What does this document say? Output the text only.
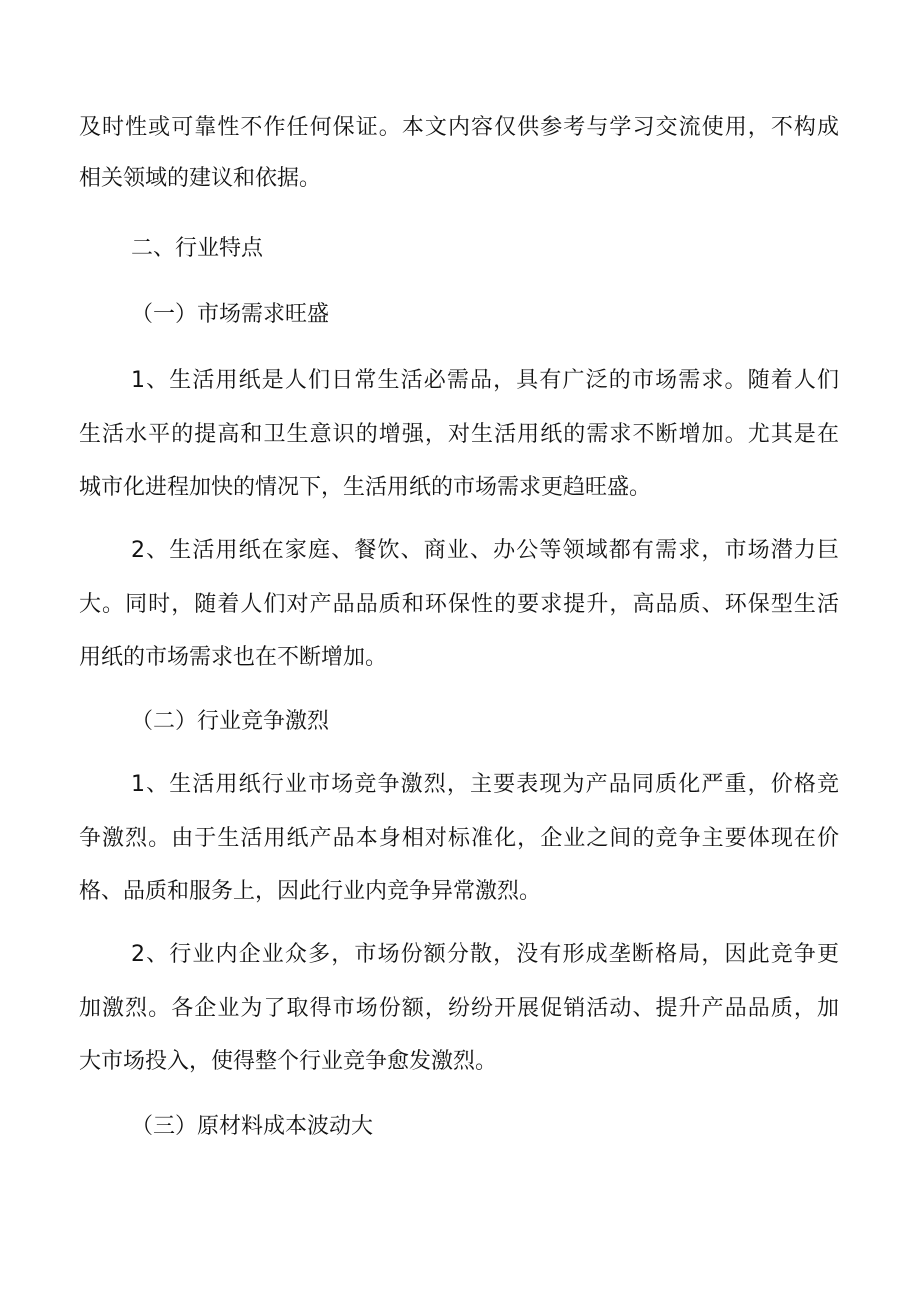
及时性或可靠性不作任何保证。本文内容仅供参考与学习交流使用，不构成
相关领域的建议和依据。
二、行业特点
（一）市场需求旺盛
1、生活用纸是人们日常生活必需品，具有广泛的市场需求。随着人们
生活水平的提高和卫生意识的增强，对生活用纸的需求不断增加。尤其是在
城市化进程加快的情况下，生活用纸的市场需求更趋旺盛。
2、生活用纸在家庭、餐饮、商业、办公等领域都有需求，市场潜力巨
大。同时，随着人们对产品品质和环保性的要求提升，高品质、环保型生活
用纸的市场需求也在不断增加。
（二）行业竞争激烈
1、生活用纸行业市场竞争激烈，主要表现为产品同质化严重，价格竞
争激烈。由于生活用纸产品本身相对标准化，企业之间的竞争主要体现在价
格、品质和服务上，因此行业内竞争异常激烈。
2、行业内企业众多，市场份额分散，没有形成垄断格局，因此竞争更
加激烈。各企业为了取得市场份额，纷纷开展促销活动、提升产品品质，加
大市场投入，使得整个行业竞争愈发激烈。
（三）原材料成本波动大
